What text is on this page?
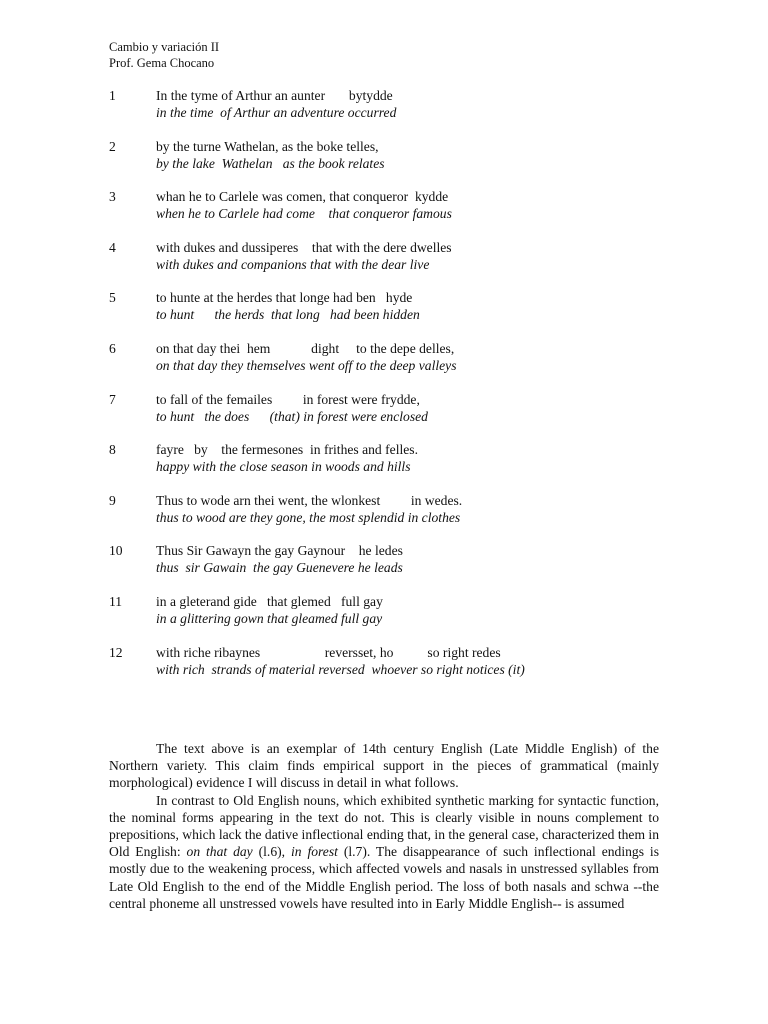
Cambio y variación II
Prof. Gema Chocano
1	In the tyme of Arthur an aunter       bytydde
in the time  of Arthur an adventure occurred
2	by the turne Wathelan, as the boke telles,
by the lake  Wathelan   as the book relates
3	whan he to Carlele was comen, that conqueror  kydde
when he to Carlele had come    that conqueror famous
4	with dukes and dussiperes    that with the dere dwelles
with dukes and companions that with the dear live
5	to hunte at the herdes that longe had ben   hyde
to hunt      the herds  that long   had been hidden
6	on that day thei  hem            dight     to the depe delles,
on that day they themselves went off to the deep valleys
7	to fall of the femailes         in forest were frydde,
to hunt   the does      (that) in forest were enclosed
8	fayre   by    the fermesones  in frithes and felles.
happy with the close season in woods and hills
9	Thus to wode arn thei went, the wlonkest         in wedes.
thus to wood are they gone, the most splendid in clothes
10 Thus Sir Gawayn the gay Gaynour    he ledes
thus  sir Gawain  the gay Guenevere he leads
11 in a gleterand gide   that glemed   full gay
in a glittering gown that gleamed full gay
12 with riche ribaynes                   reversset, ho          so right redes
with rich  strands of material reversed  whoever so right notices (it)

The text above is an exemplar of 14th century English (Late Middle English) of the Northern variety. This claim finds empirical support in the pieces of grammatical (mainly morphological) evidence I will discuss in detail in what follows.

In contrast to Old English nouns, which exhibited synthetic marking for syntactic function, the nominal forms appearing in the text do not. This is clearly visible in nouns complement to prepositions, which lack the dative inflectional ending that, in the general case, characterized them in Old English: on that day (l.6), in forest (l.7). The disappearance of such inflectional endings is mostly due to the weakening process, which affected vowels and nasals in unstressed syllables from Late Old English to the end of the Middle English period. The loss of both nasals and schwa --the central phoneme all unstressed vowels have resulted into in Early Middle English-- is assumed
